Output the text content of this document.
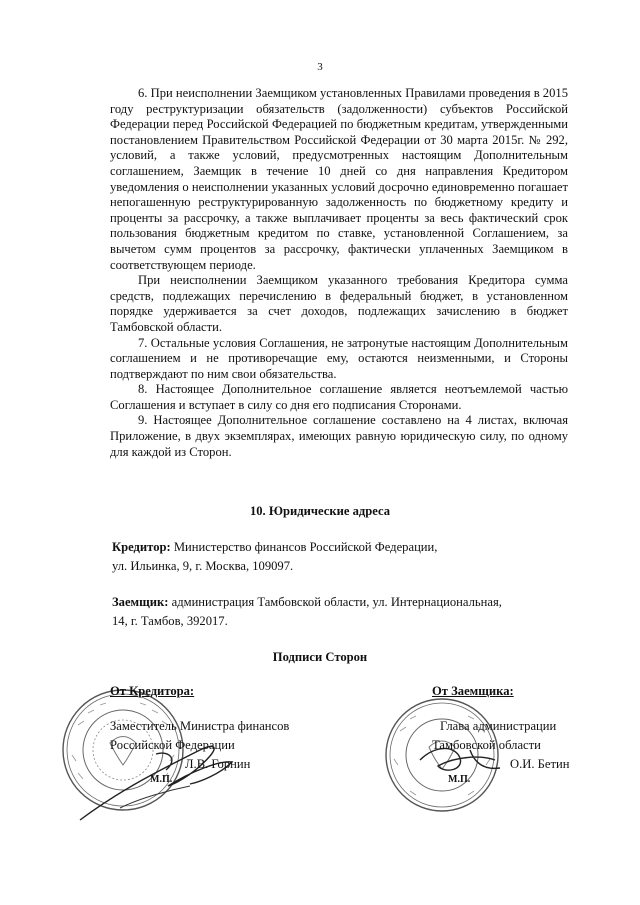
3

6. При неисполнении Заемщиком установленных Правилами проведения в 2015 году реструктуризации обязательств (задолженности) субъектов Российской Федерации перед Российской Федерацией по бюджетным кредитам, утвержденными постановлением Правительством Российской Федерации от 30 марта 2015г. № 292, условий, а также условий, предусмотренных настоящим Дополнительным соглашением, Заемщик в течение 10 дней со дня направления Кредитором уведомления о неисполнении указанных условий досрочно единовременно погашает непогашенную реструктурированную задолженность по бюджетному кредиту и проценты за рассрочку, а также выплачивает проценты за весь фактический срок пользования бюджетным кредитом по ставке, установленной Соглашением, за вычетом сумм процентов за рассрочку, фактически уплаченных Заемщиком в соответствующем периоде.

При неисполнении Заемщиком указанного требования Кредитора сумма средств, подлежащих перечислению в федеральный бюджет, в установленном порядке удерживается за счет доходов, подлежащих зачислению в бюджет Тамбовской области.

7. Остальные условия Соглашения, не затронутые настоящим Дополнительным соглашением и не противоречащие ему, остаются неизменными, и Стороны подтверждают по ним свои обязательства.

8. Настоящее Дополнительное соглашение является неотъемлемой частью Соглашения и вступает в силу со дня его подписания Сторонами.

9. Настоящее Дополнительное соглашение составлено на 4 листах, включая Приложение, в двух экземплярах, имеющих равную юридическую силу, по одному для каждой из Сторон.

10. Юридические адреса
Кредитор: Министерство финансов Российской Федерации,
ул. Ильинка, 9, г. Москва, 109097.
Заемщик: администрация Тамбовской области, ул. Интернациональная,
14, г. Тамбов, 392017.
Подписи Сторон
От Кредитора:
Заместитель Министра финансов
Российской Федерации
Л.В. Горнин
М.П.
От Заемщика:
Глава администрации
Тамбовской области
О.И. Бетин
М.П.
